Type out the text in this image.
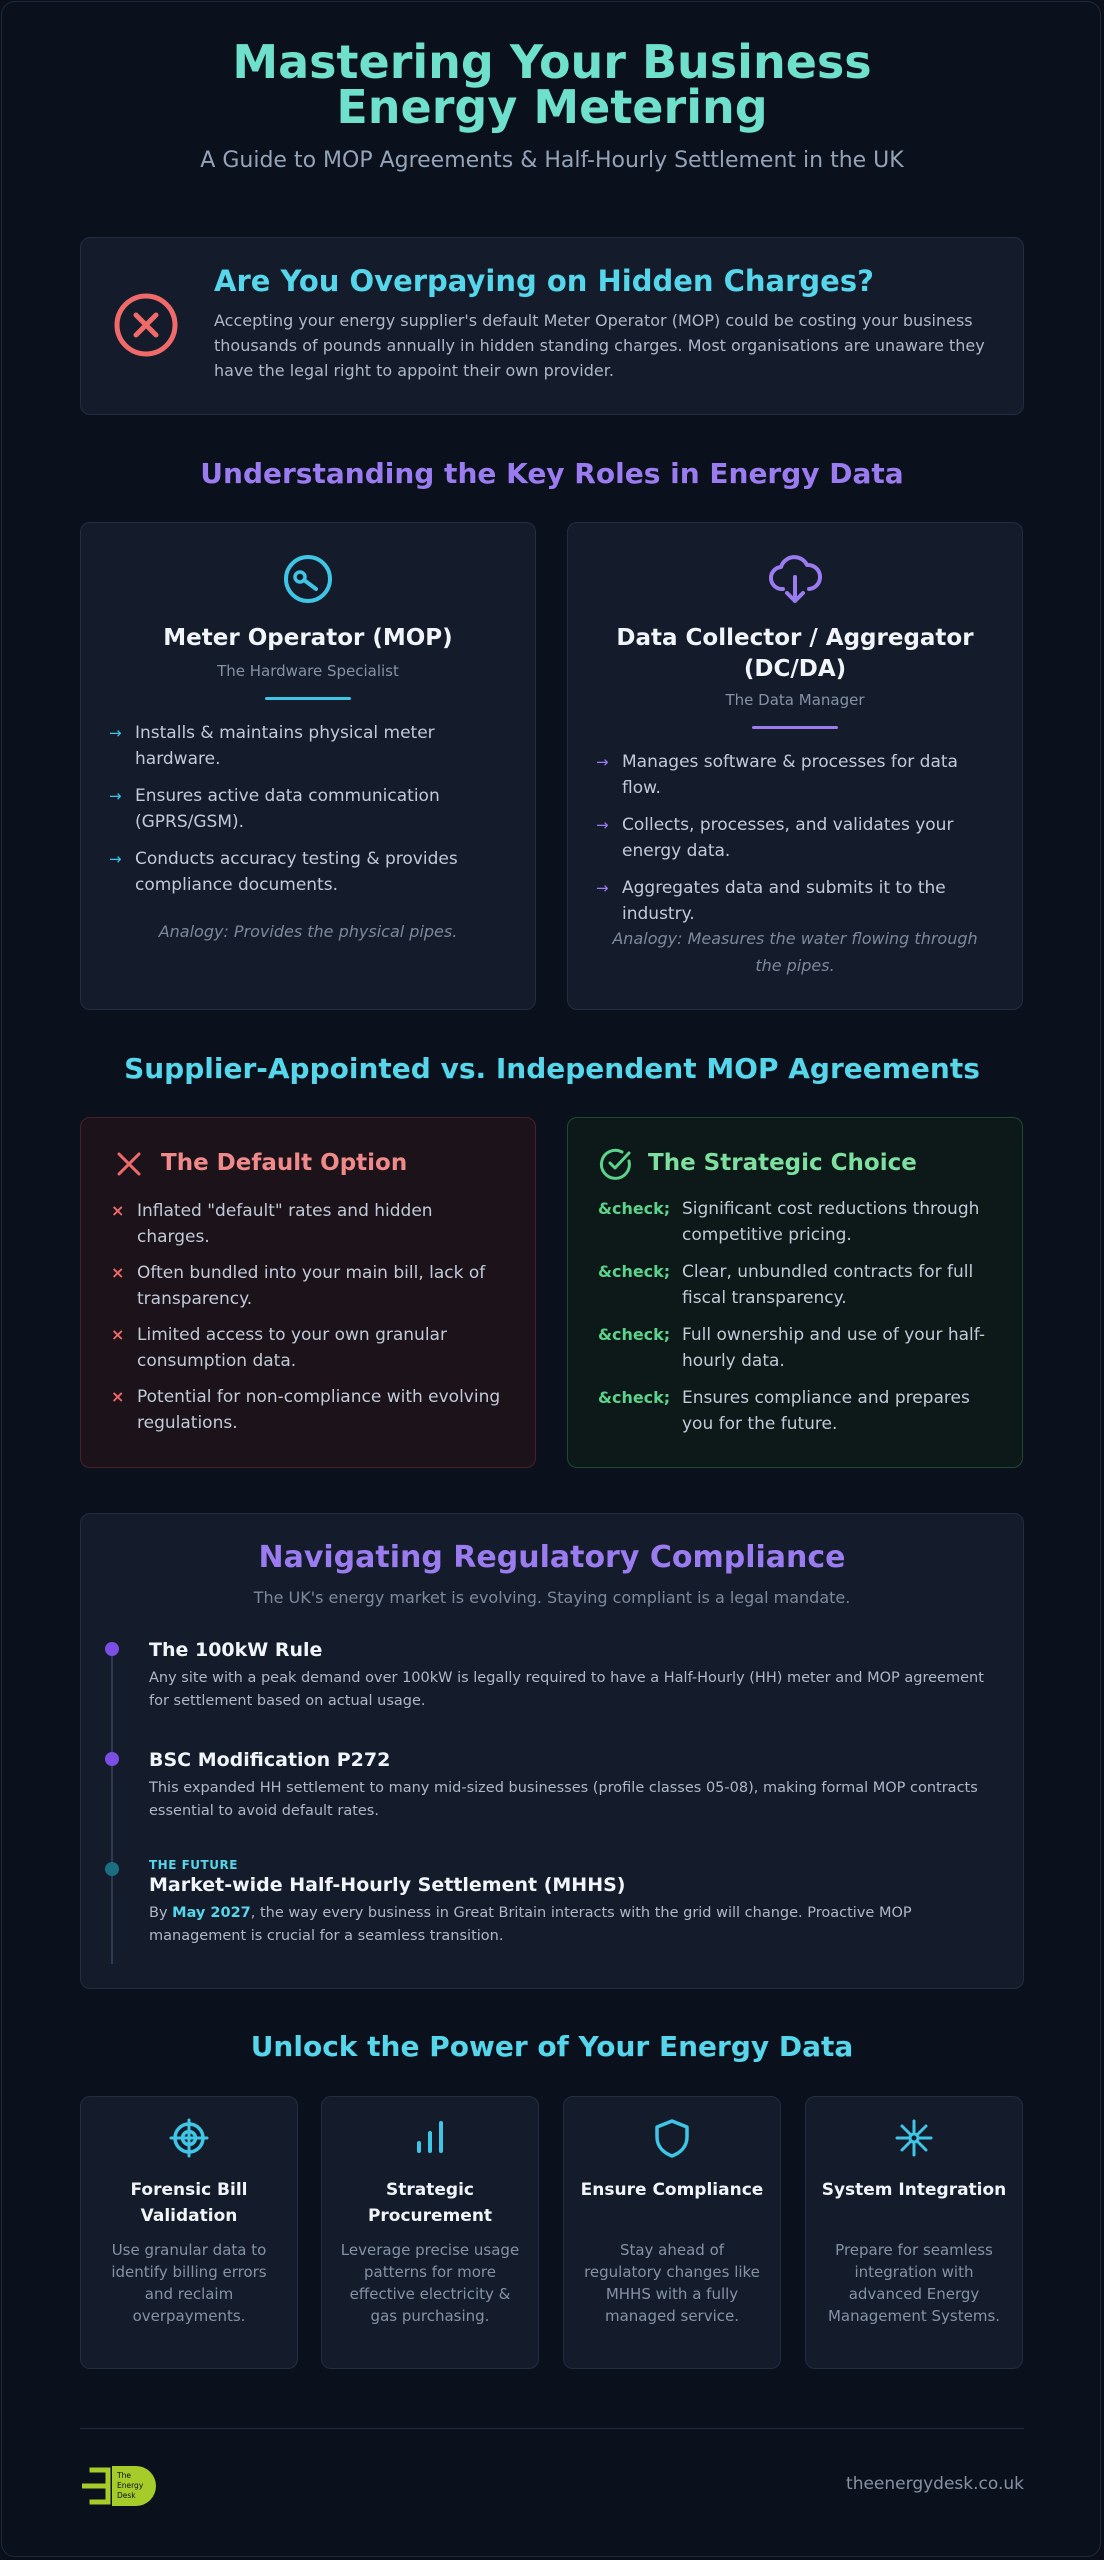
Mastering Your Business Energy Metering
A Guide to MOP Agreements & Half-Hourly Settlement in the UK
Are You Overpaying on Hidden Charges?
Accepting your energy supplier's default Meter Operator (MOP) could be costing your business thousands of pounds annually in hidden standing charges. Most organisations are unaware they have the legal right to appoint their own provider.
Understanding the Key Roles in Energy Data
Meter Operator (MOP)
The Hardware Specialist
→ Installs & maintains physical meter hardware.
→ Ensures active data communication (GPRS/GSM).
→ Conducts accuracy testing & provides compliance documents.
Analogy: Provides the physical pipes.
Data Collector / Aggregator (DC/DA)
The Data Manager
→ Manages software & processes for data flow.
→ Collects, processes, and validates your energy data.
→ Aggregates data and submits it to the industry.
Analogy: Measures the water flowing through the pipes.
Supplier-Appointed vs. Independent MOP Agreements
The Default Option
× Inflated "default" rates and hidden charges.
× Often bundled into your main bill, lack of transparency.
× Limited access to your own granular consumption data.
× Potential for non-compliance with evolving regulations.
The Strategic Choice
&check; Significant cost reductions through competitive pricing.
&check; Clear, unbundled contracts for full fiscal transparency.
&check; Full ownership and use of your half-hourly data.
&check; Ensures compliance and prepares you for the future.
Navigating Regulatory Compliance
The UK's energy market is evolving. Staying compliant is a legal mandate.
The 100kW Rule
Any site with a peak demand over 100kW is legally required to have a Half-Hourly (HH) meter and MOP agreement for settlement based on actual usage.
BSC Modification P272
This expanded HH settlement to many mid-sized businesses (profile classes 05-08), making formal MOP contracts essential to avoid default rates.
THE FUTURE
Market-wide Half-Hourly Settlement (MHHS)
By May 2027, the way every business in Great Britain interacts with the grid will change. Proactive MOP management is crucial for a seamless transition.
Unlock the Power of Your Energy Data
Forensic Bill Validation
Use granular data to identify billing errors and reclaim overpayments.
Strategic Procurement
Leverage precise usage patterns for more effective electricity & gas purchasing.
Ensure Compliance
Stay ahead of regulatory changes like MHHS with a fully managed service.
System Integration
Prepare for seamless integration with advanced Energy Management Systems.
The
Energy
Desk
theenergydesk.co.uk
